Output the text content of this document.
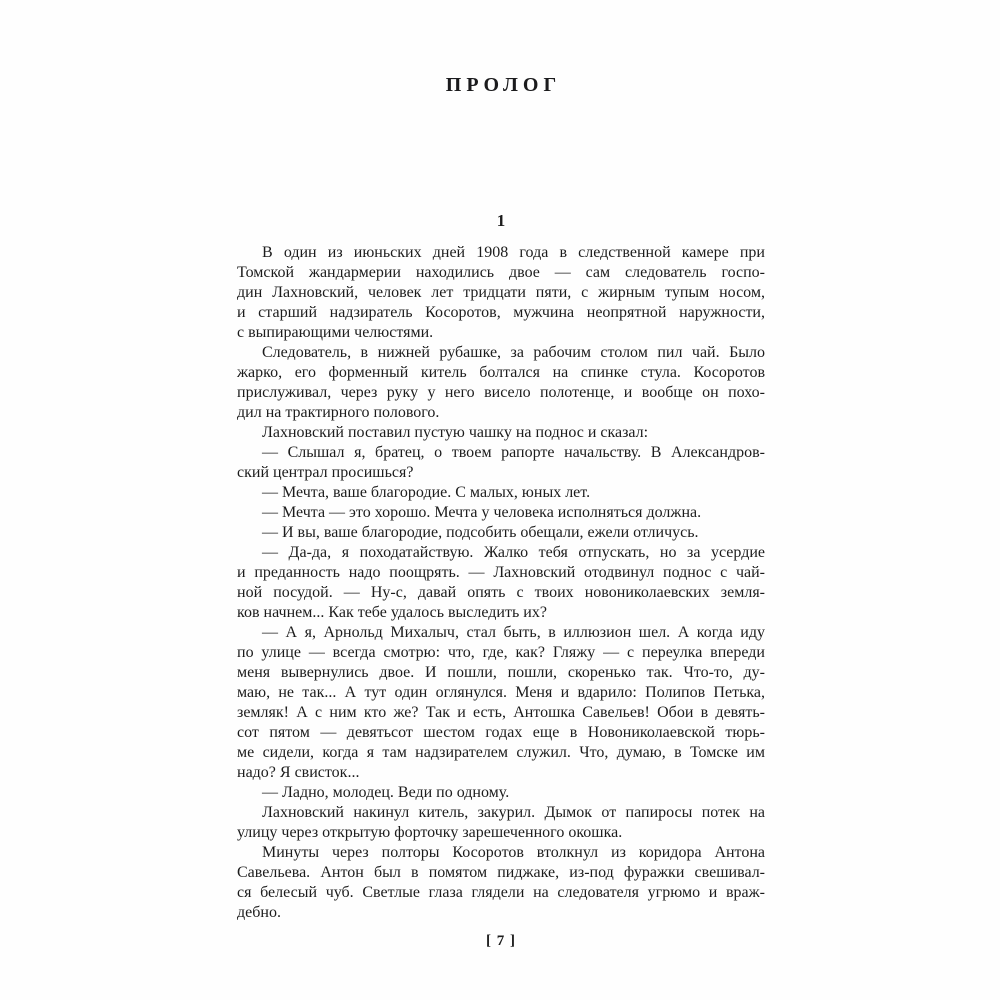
ПРОЛОГ
1
В один из июньских дней 1908 года в следственной камере при
Томской жандармерии находились двое — сам следователь госпо-
дин Лахновский, человек лет тридцати пяти, с жирным тупым носом,
и старший надзиратель Косоротов, мужчина неопрятной наружности,
с выпирающими челюстями.
Следователь, в нижней рубашке, за рабочим столом пил чай. Было
жарко, его форменный китель болтался на спинке стула. Косоротов
прислуживал, через руку у него висело полотенце, и вообще он похо-
дил на трактирного полового.
Лахновский поставил пустую чашку на поднос и сказал:
— Слышал я, братец, о твоем рапорте начальству. В Александров-
ский централ просишься?
— Мечта, ваше благородие. С малых, юных лет.
— Мечта — это хорошо. Мечта у человека исполняться должна.
— И вы, ваше благородие, подсобить обещали, ежели отличусь.
— Да-да, я походатайствую. Жалко тебя отпускать, но за усердие
и преданность надо поощрять. — Лахновский отодвинул поднос с чай-
ной посудой. — Ну-с, давай опять с твоих новониколаевских земля-
ков начнем... Как тебе удалось выследить их?
— А я, Арнольд Михалыч, стал быть, в иллюзион шел. А когда иду
по улице — всегда смотрю: что, где, как? Гляжу — с переулка впереди
меня вывернулись двое. И пошли, пошли, скоренько так. Что-то, ду-
маю, не так... А тут один оглянулся. Меня и вдарило: Полипов Петька,
земляк! А с ним кто же? Так и есть, Антошка Савельев! Обои в девять-
сот пятом — девятьсот шестом годах еще в Новониколаевской тюрь-
ме сидели, когда я там надзирателем служил. Что, думаю, в Томске им
надо? Я свисток...
— Ладно, молодец. Веди по одному.
Лахновский накинул китель, закурил. Дымок от папиросы потек на
улицу через открытую форточку зарешеченного окошка.
Минуты через полторы Косоротов втолкнул из коридора Антона
Савельева. Антон был в помятом пиджаке, из-под фуражки свешивал-
ся белесый чуб. Светлые глаза глядели на следователя угрюмо и враж-
дебно.
[ 7 ]
